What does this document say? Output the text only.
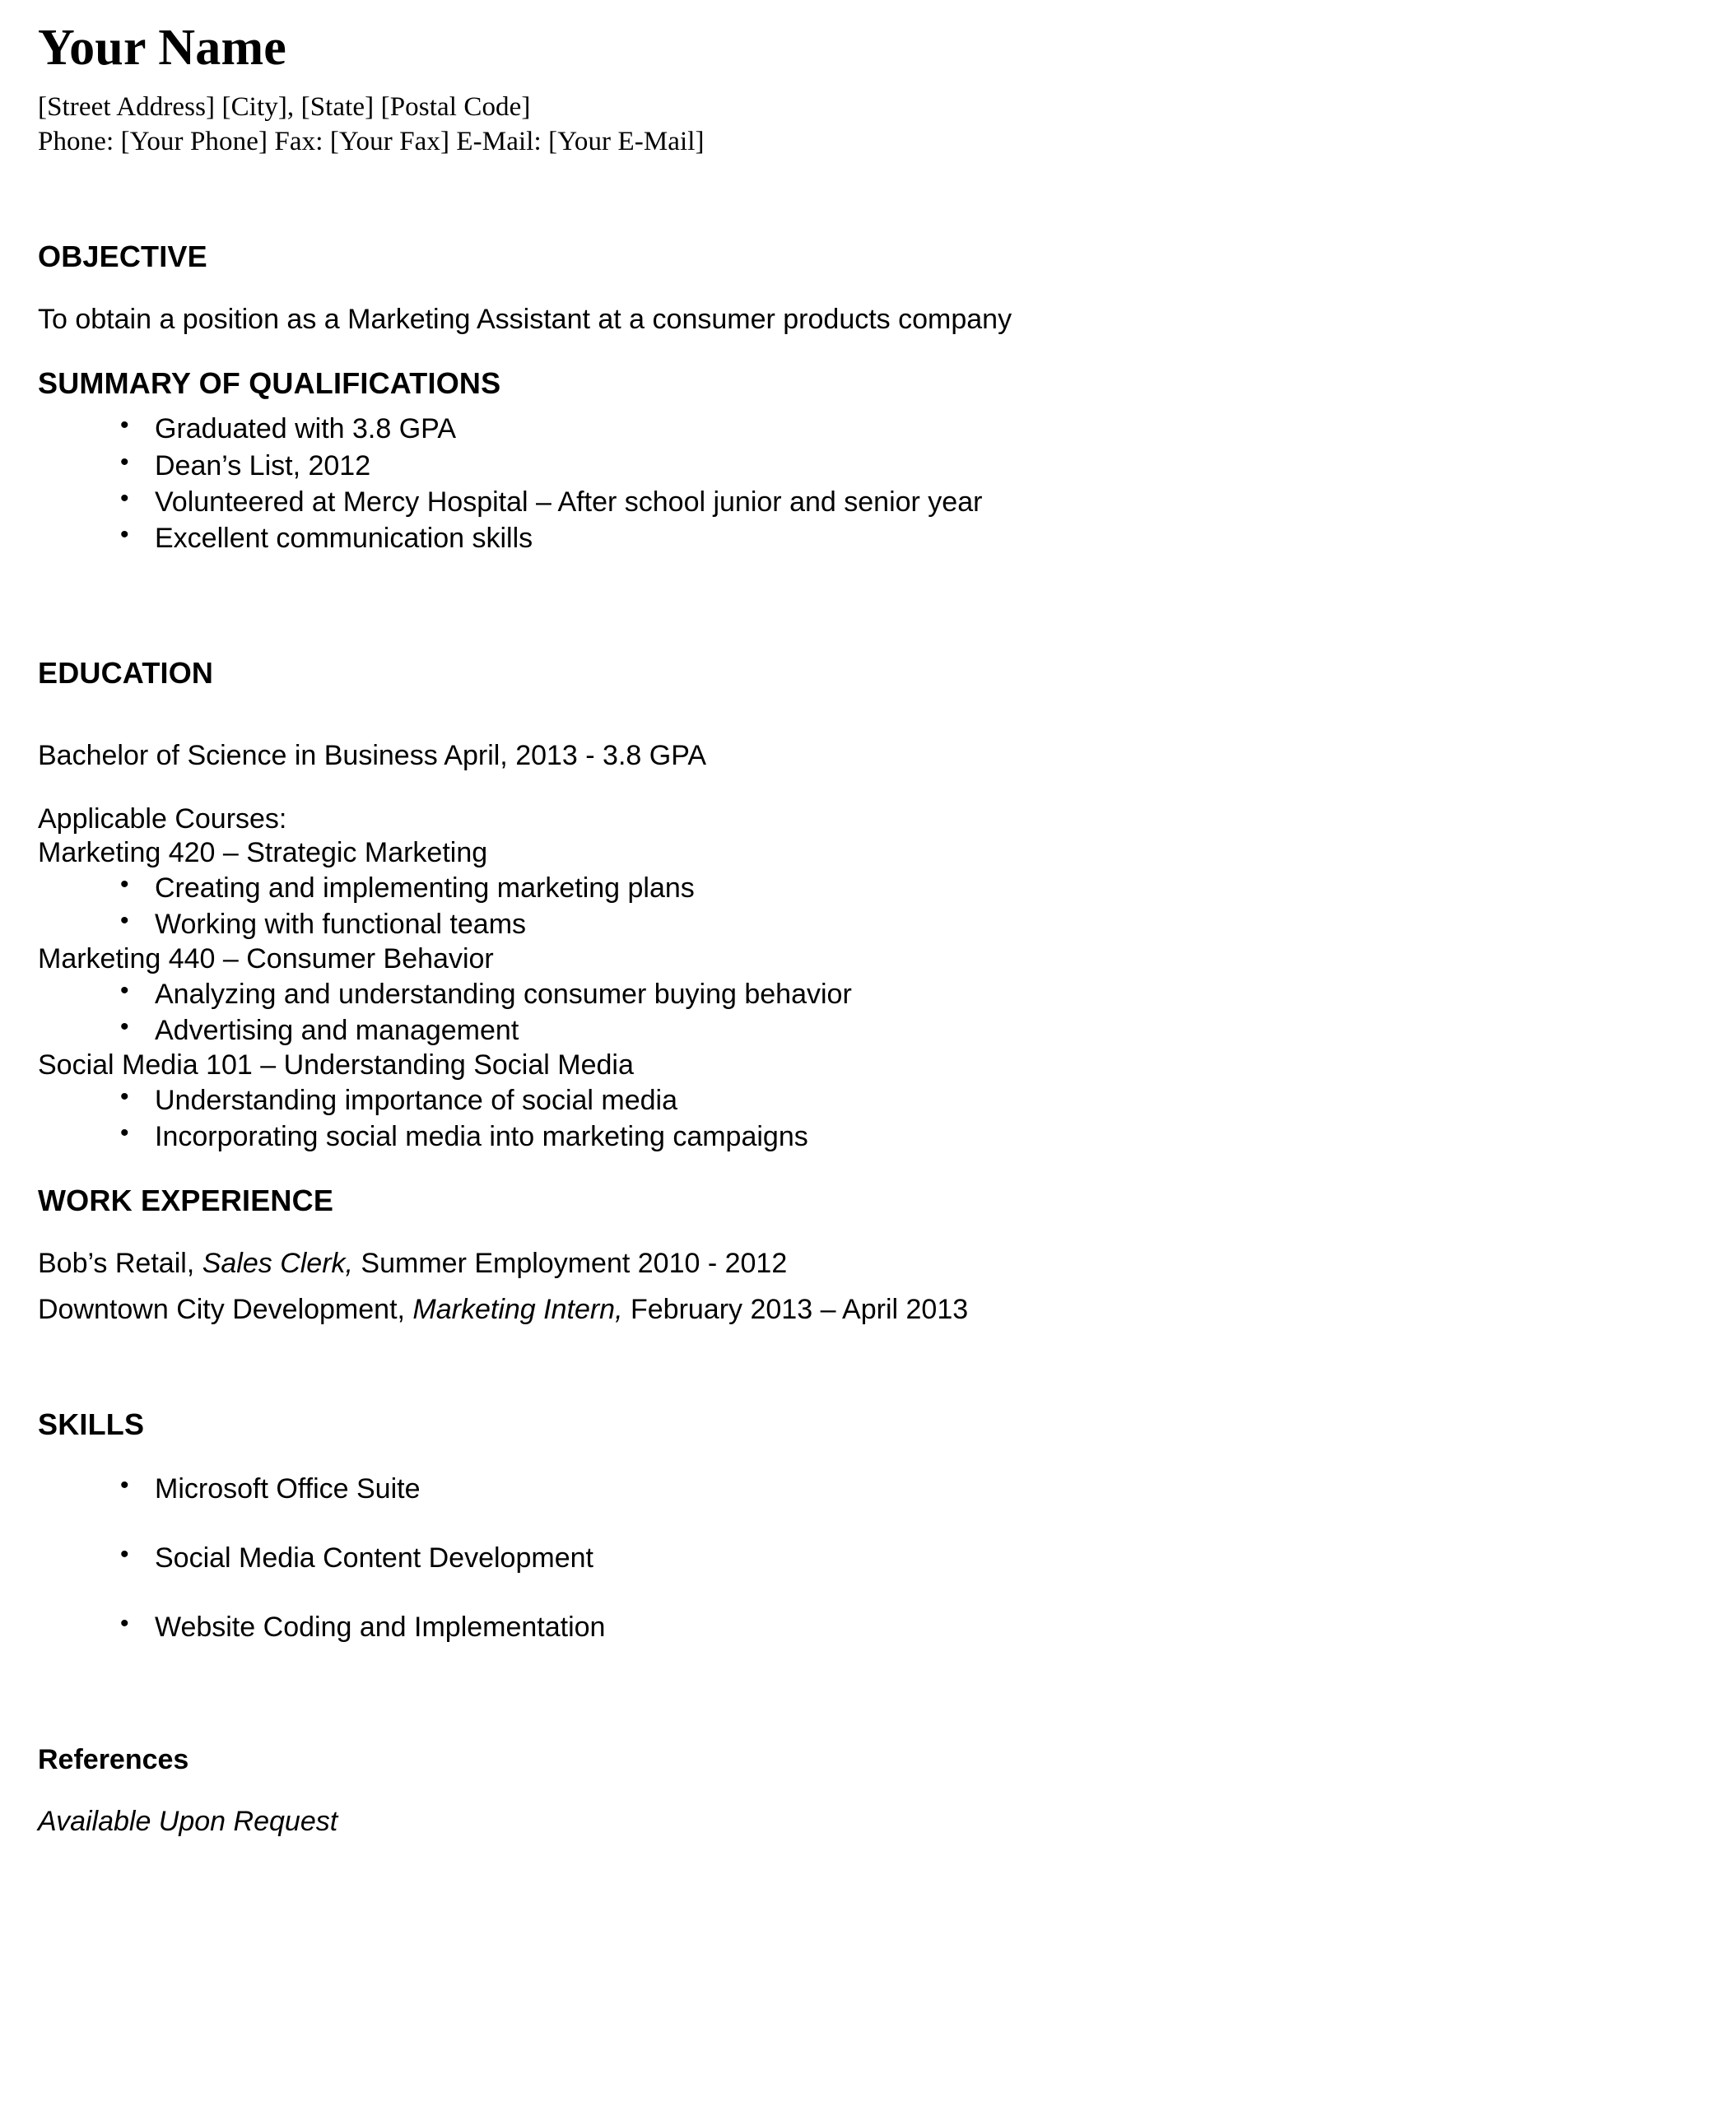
Your Name

[Street Address] [City], [State] [Postal Code]

Phone: [Your Phone] Fax: [Your Fax] E-Mail: [Your E-Mail]

OBJECTIVE

To obtain a position as a Marketing Assistant at a consumer products company

SUMMARY OF QUALIFICATIONS
• Graduated with 3.8 GPA
• Dean’s List, 2012
• Volunteered at Mercy Hospital – After school junior and senior year
• Excellent communication skills
EDUCATION

Bachelor of Science in Business April, 2013 - 3.8 GPA

Applicable Courses:

Marketing 420 – Strategic Marketing

• Creating and implementing marketing plans
• Working with functional teams

Marketing 440 – Consumer Behavior

• Analyzing and understanding consumer buying behavior
• Advertising and management

Social Media 101 – Understanding Social Media

• Understanding importance of social media
• Incorporating social media into marketing campaigns
WORK EXPERIENCE

Bob’s Retail, Sales Clerk, Summer Employment 2010 - 2012

Downtown City Development, Marketing Intern, February 2013 – April 2013

SKILLS
• Microsoft Office Suite
• Social Media Content Development
• Website Coding and Implementation
References

Available Upon Request
